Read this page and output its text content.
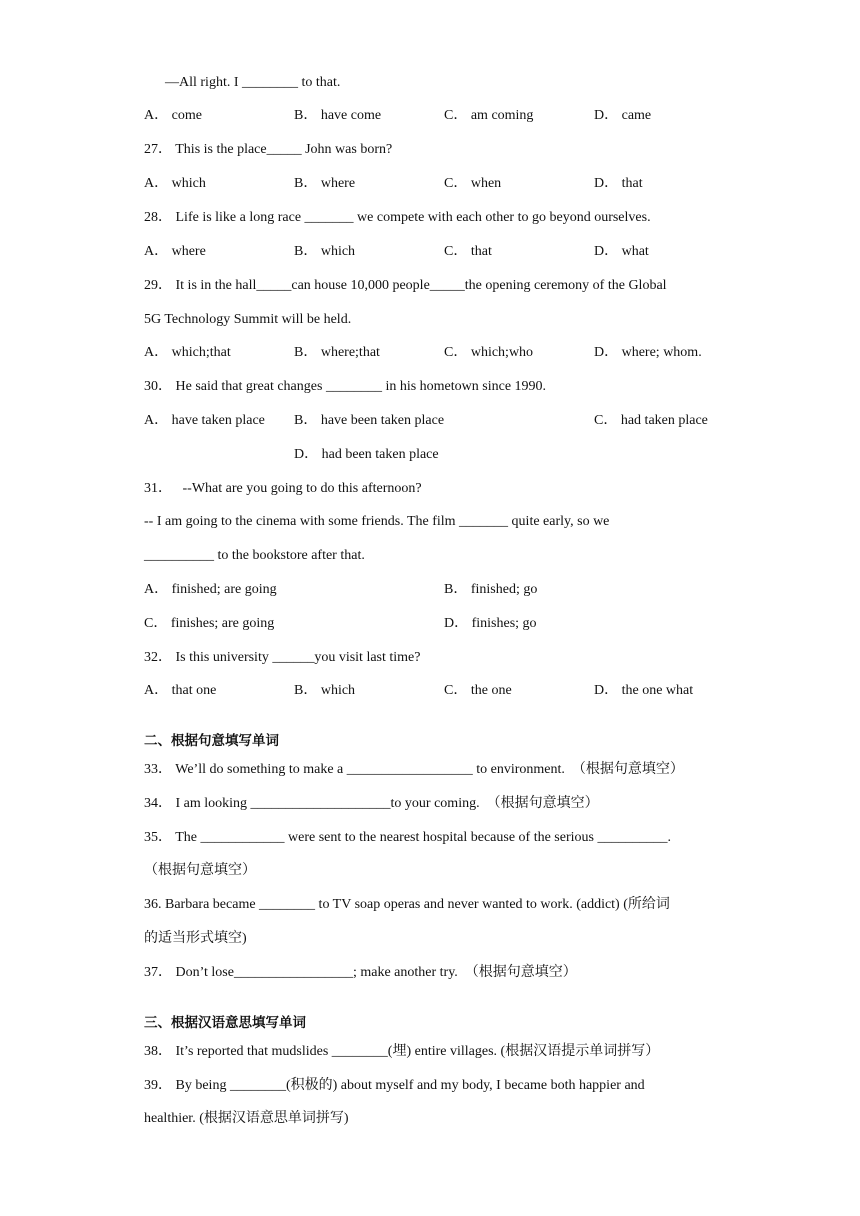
—All right. I ________ to that.
A． come	B． have come	C． am coming	D． came
27． This is the place_____ John was born?
A． which	B． where	C． when	D． that
28． Life is like a long race _______ we compete with each other to go beyond ourselves.
A． where	B． which	C． that	D． what
29． It is in the hall_____can house 10,000 people_____the opening ceremony of the Global
5G Technology Summit will be held.
A． which;that	B． where;that	C． which;who	D． where; whom.
30． He said that great changes ________ in his hometown since 1990.
A． have taken place B． have been taken place	C． had taken place
D． had been taken place
31．   --What are you going to do this afternoon?
-- I am going to the cinema with some friends. The film _______ quite early, so we
__________ to the bookstore after that.
A． finished; are going	B． finished; go
C． finishes; are going	D． finishes; go
32． Is this university ______you visit last time?
A． that one	B． which	C． the one	D． the one what
二、根据句意填写单词
33． We’ll do something to make a __________________ to environment.  （根据句意填空）
34． I am looking ____________________to your coming.  （根据句意填空）
35． The ____________ were sent to the nearest hospital because of the serious __________.
（根据句意填空）
36. Barbara became ________ to TV soap operas and never wanted to work. (addict) (所给词
的适当形式填空)
37． Don’t lose_________________; make another try.  （根据句意填空）
三、根据汉语意思填写单词
38． It’s reported that mudslides ________(埋) entire villages. (根据汉语提示单词拼写）
39． By being ________(积极的) about myself and my body, I became both happier and
healthier. (根据汉语意思单词拼写)
